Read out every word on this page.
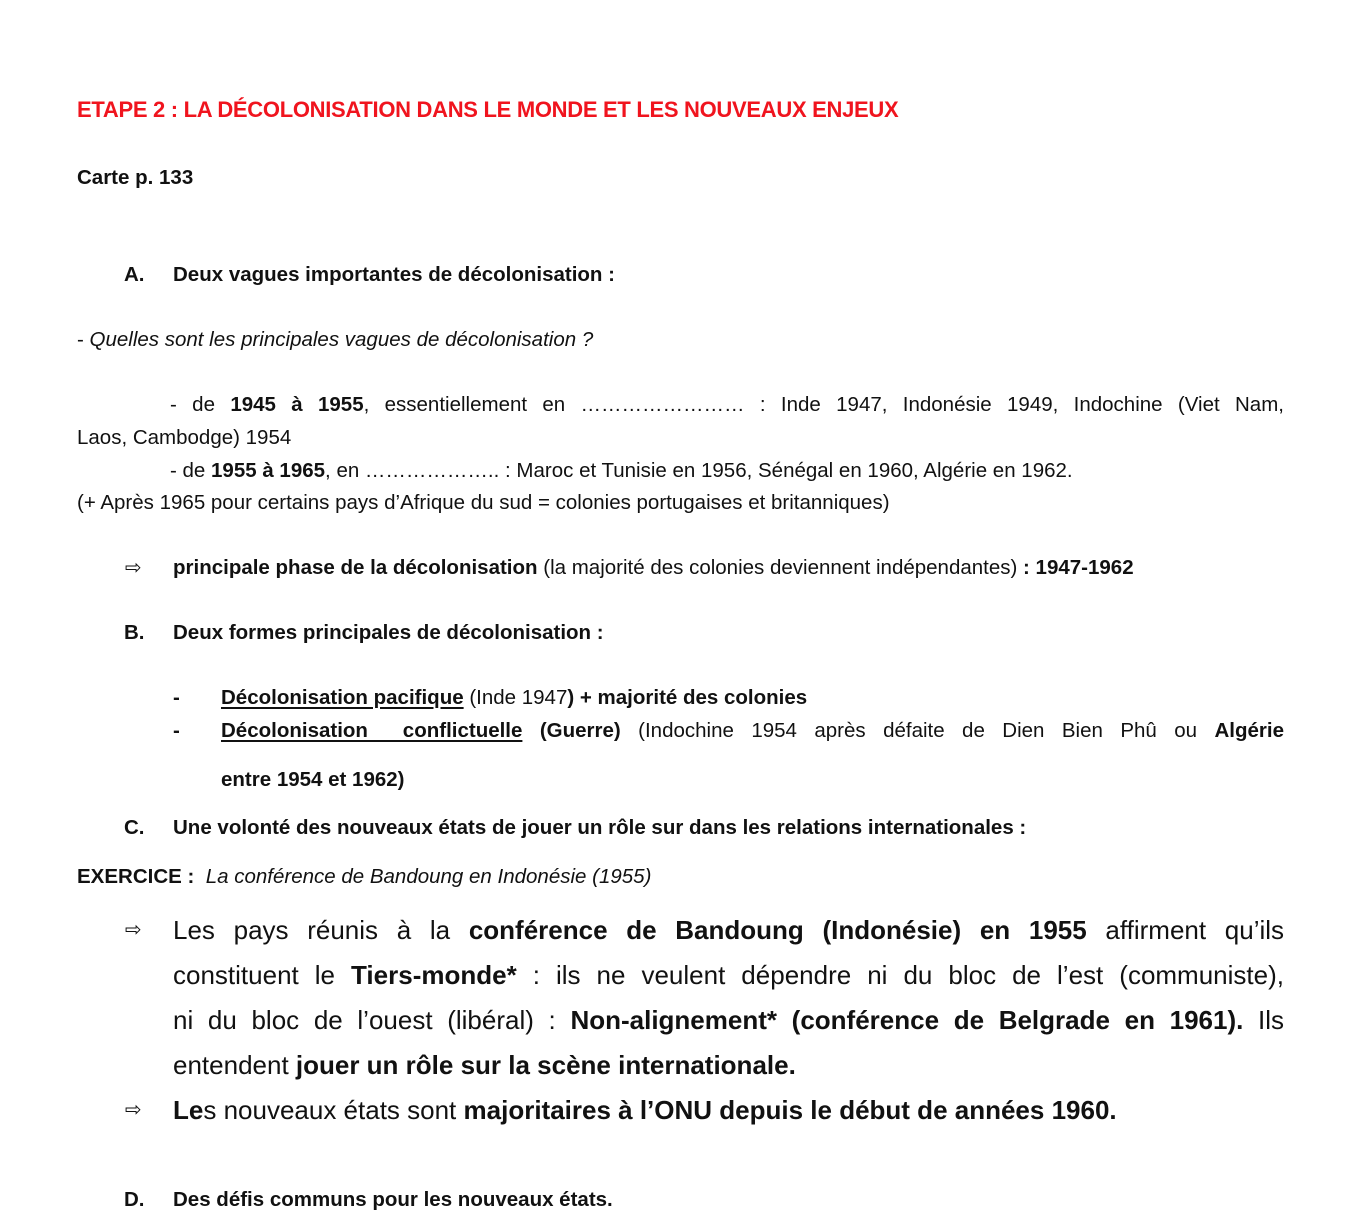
ETAPE 2 : LA DÉCOLONISATION DANS LE MONDE ET LES NOUVEAUX ENJEUX
Carte p. 133
A. Deux vagues importantes de décolonisation :
- Quelles sont les principales vagues de décolonisation ?
- de 1945 à 1955, essentiellement en …………………… : Inde 1947, Indonésie 1949, Indochine (Viet Nam,
Laos, Cambodge) 1954
- de 1955 à 1965, en ……………….. : Maroc et Tunisie en 1956, Sénégal en 1960, Algérie en 1962.
(+ Après 1965 pour certains pays d’Afrique du sud = colonies portugaises et britanniques)
⇨ principale phase de la décolonisation (la majorité des colonies deviennent indépendantes) : 1947-1962
B. Deux formes principales de décolonisation :
- Décolonisation pacifique (Inde 1947) + majorité des colonies
- Décolonisation  conflictuelle (Guerre) (Indochine 1954 après défaite de Dien Bien Phû ou Algérie
entre 1954 et 1962)
C. Une volonté des nouveaux états de jouer un rôle sur dans les relations internationales :
EXERCICE :  La conférence de Bandoung en Indonésie (1955)
⇨ Les pays réunis à la conférence de Bandoung (Indonésie) en 1955 affirment qu’ils
constituent le Tiers-monde* : ils ne veulent dépendre ni du bloc de l’est (communiste),
ni du bloc de l’ouest (libéral) : Non-alignement* (conférence de Belgrade en 1961). Ils
entendent jouer un rôle sur la scène internationale.
⇨ Les nouveaux états sont majoritaires à l’ONU depuis le début de années 1960.
D. Des défis communs pour les nouveaux états.
